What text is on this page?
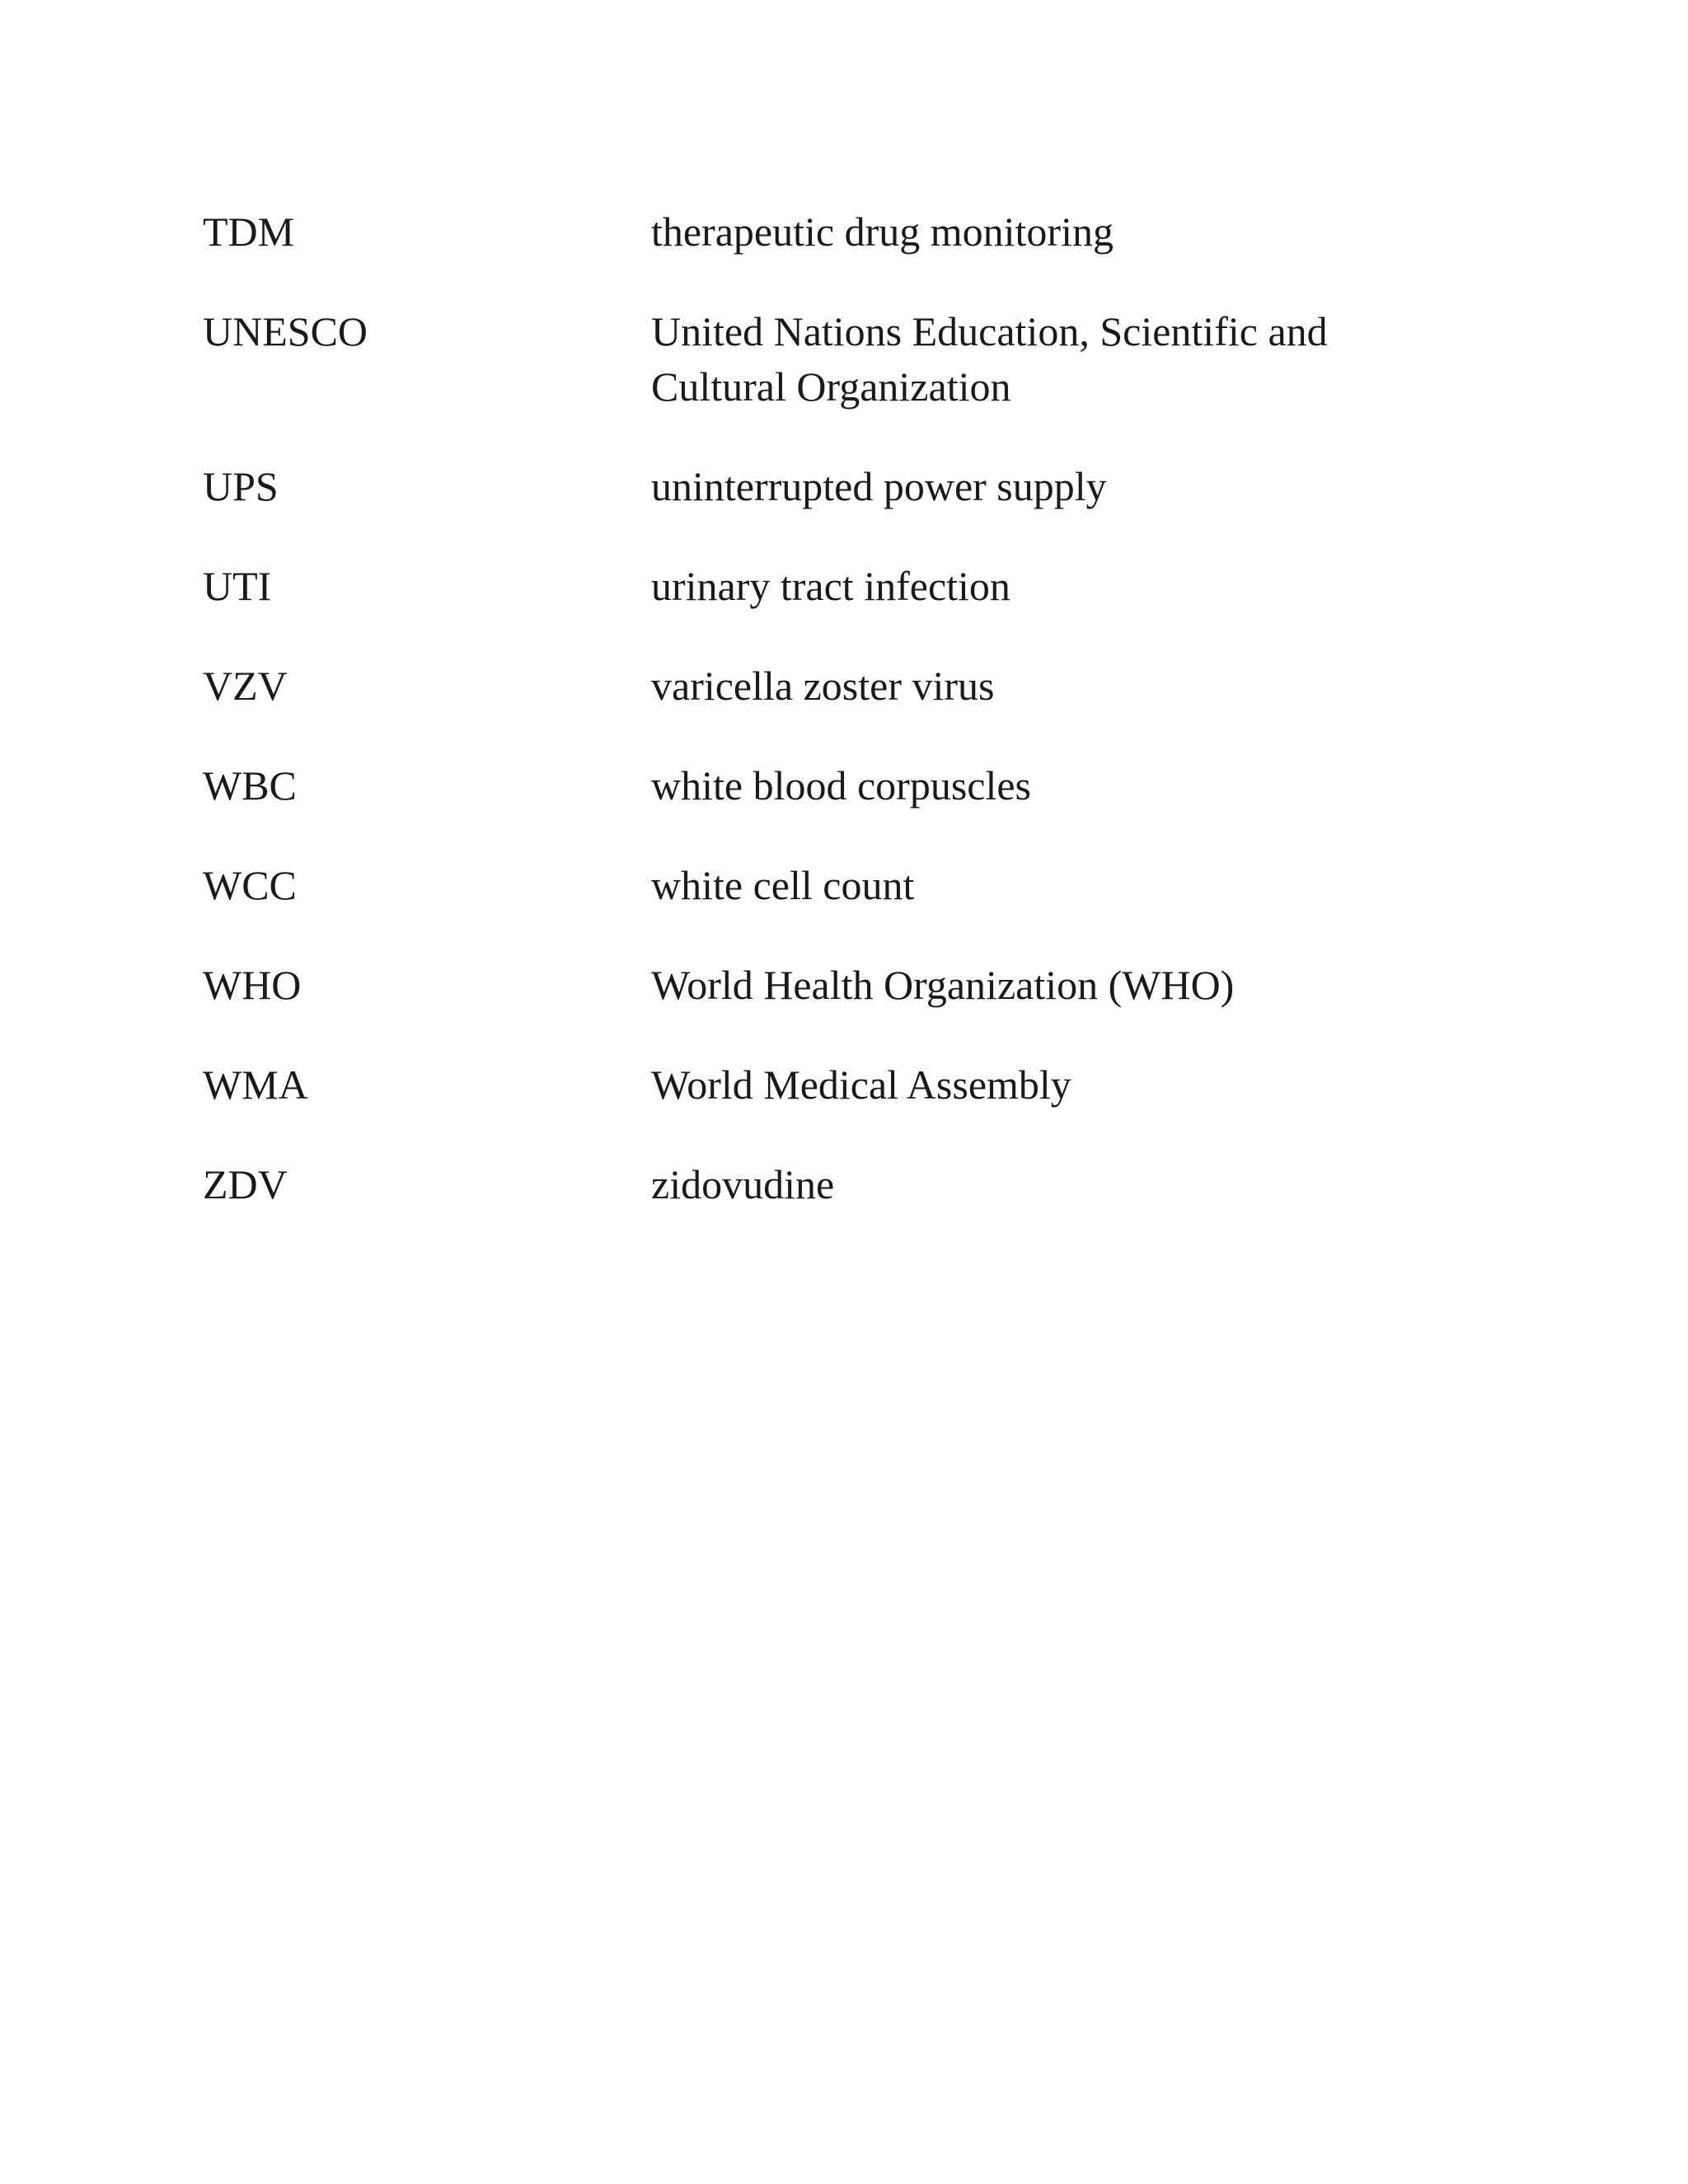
TDM	therapeutic drug monitoring
UNESCO	United Nations Education, Scientific and Cultural Organization
UPS	uninterrupted power supply
UTI	urinary tract infection
VZV	varicella zoster virus
WBC	white blood corpuscles
WCC	white cell count
WHO	World Health Organization (WHO)
WMA	World Medical Assembly
ZDV	zidovudine
